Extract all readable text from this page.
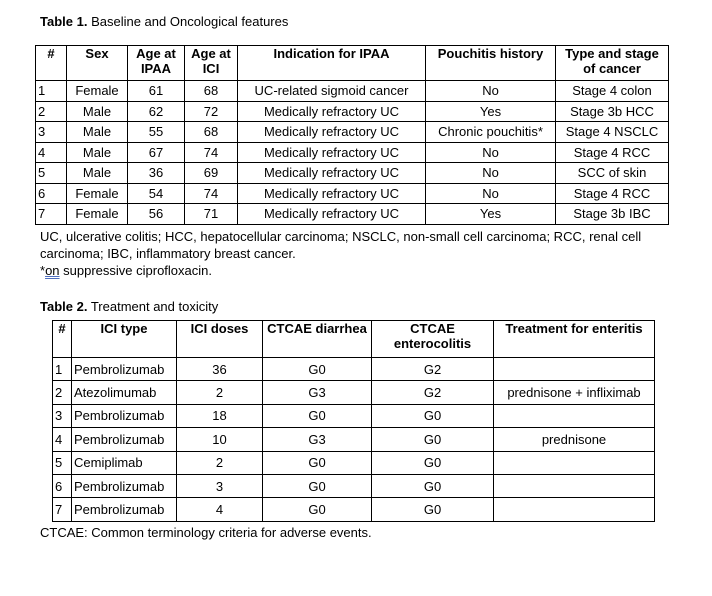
Table 1. Baseline and Oncological features
#	Sex	Age at IPAA	Age at ICI	Indication for IPAA	Pouchitis history	Type and stage of cancer
1	Female	61	68	UC-related sigmoid cancer	No	Stage 4 colon
2	Male	62	72	Medically refractory UC	Yes	Stage 3b HCC
3	Male	55	68	Medically refractory UC	Chronic pouchitis*	Stage 4 NSCLC
4	Male	67	74	Medically refractory UC	No	Stage 4 RCC
5	Male	36	69	Medically refractory UC	No	SCC of skin
6	Female	54	74	Medically refractory UC	No	Stage 4 RCC
7	Female	56	71	Medically refractory UC	Yes	Stage 3b IBC
UC, ulcerative colitis; HCC, hepatocellular carcinoma; NSCLC, non-small cell carcinoma; RCC, renal cell
carcinoma; IBC, inflammatory breast cancer.
*on suppressive ciprofloxacin.
Table 2. Treatment and toxicity
#	ICI type	ICI doses	CTCAE diarrhea	CTCAE enterocolitis	Treatment for enteritis
1	Pembrolizumab	36	G0	G2	
2	Atezolimumab	2	G3	G2	prednisone + infliximab
3	Pembrolizumab	18	G0	G0	
4	Pembrolizumab	10	G3	G0	prednisone
5	Cemiplimab	2	G0	G0	
6	Pembrolizumab	3	G0	G0	
7	Pembrolizumab	4	G0	G0	
CTCAE: Common terminology criteria for adverse events.
